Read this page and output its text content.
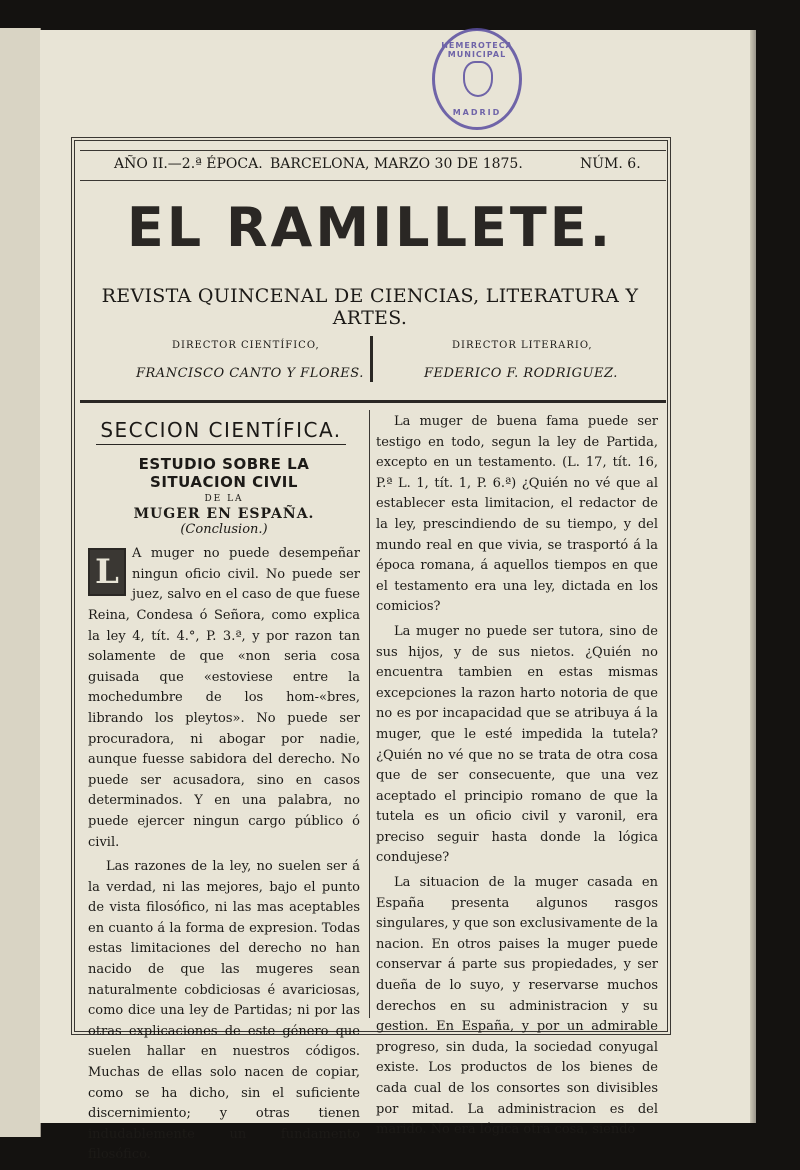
HEMEROTECA MUNICIPAL
MADRID
AÑO II.—2.ª ÉPOCA. BARCELONA, MARZO 30 DE 1875.	NÚM. 6.
EL RAMILLETE.
REVISTA QUINCENAL DE CIENCIAS, LITERATURA Y ARTES.
DIRECTOR CIENTÍFICO,
FRANCISCO CANTO Y FLORES.
DIRECTOR LITERARIO,
FEDERICO F. RODRIGUEZ.
SECCION CIENTÍFICA.
ESTUDIO SOBRE LA SITUACION CIVIL
DE LA
MUGER EN ESPAÑA.
(Conclusion.)

L	A muger no puede desempeñar ningun oficio civil. No puede ser juez, salvo en el caso de que fuese Reina, Condesa ó Señora, como explica la ley 4, tít. 4.°, P. 3.ª, y por razon tan solamente de que «non seria cosa guisada que «estoviese entre la mochedumbre de los hom-«bres, librando los pleytos». No puede ser procuradora, ni abogar por nadie, aunque fuesse sabidora del derecho. No puede ser acusadora, sino en casos determinados. Y en una palabra, no puede ejercer ningun cargo público ó civil.

Las razones de la ley, no suelen ser á la verdad, ni las mejores, bajo el punto de vista filosófico, ni las mas aceptables en cuanto á la forma de expresion. Todas estas limitaciones del derecho no han nacido de que las mugeres sean naturalmente cobdiciosas é avariciosas, como dice una ley de Partidas; ni por las otras explicaciones de este género que suelen hallar en nuestros códigos. Muchas de ellas solo nacen de copiar, como se ha dicho, sin el suficiente discernimiento; y otras tienen indudablemente un fundamento filosófico.

La muger de buena fama puede ser testigo en todo, segun la ley de Partida, excepto en un testamento. (L. 17, tít. 16, P.ª L. 1, tít. 1, P. 6.ª) ¿Quién no vé que al establecer esta limitacion, el redactor de la ley, prescindiendo de su tiempo, y del mundo real en que vivia, se trasportó á la época romana, á aquellos tiempos en que el testamento era una ley, dictada en los comicios?

La muger no puede ser tutora, sino de sus hijos, y de sus nietos. ¿Quién no encuentra tambien en estas mismas excepciones la razon harto notoria de que no es por incapacidad que se atribuya á la muger, que le esté impedida la tutela? ¿Quién no vé que no se trata de otra cosa que de ser consecuente, que una vez aceptado el principio romano de que la tutela es un oficio civil y varonil, era preciso seguir hasta donde la lógica condujese?

La situacion de la muger casada en España presenta algunos rasgos singulares, y que son exclusivamente de la nacion. En otros paises la muger puede conservar á parte sus propiedades, y ser dueña de lo suyo, y reservarse muchos derechos en su administracion y su gestion. En España, y por un admirable progreso, sin duda, la sociedad conyugal existe. Los productos de los bienes de cada cual de los consortes son divisibles por mitad. La administracion es del marido. No era lógica otra cosa, siendo
